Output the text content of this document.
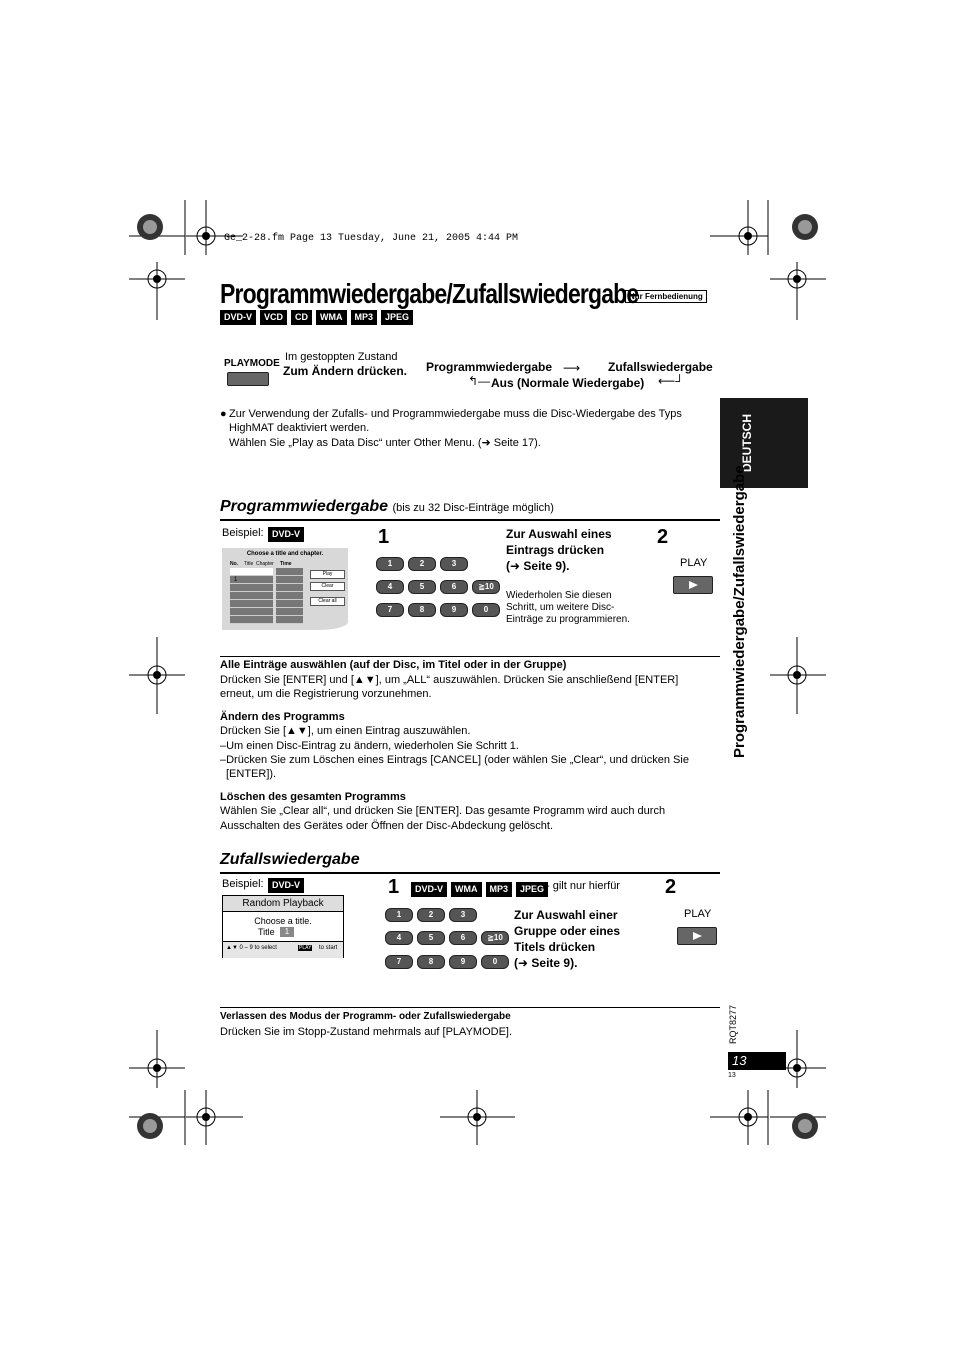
Ge_2-28.fm Page 13 Tuesday, June 21, 2005 4:44 PM
Programmwiedergabe/Zufallswiedergabe
Nur Fernbedienung
DVD-V VCD CD WMA MP3 JPEG
PLAYMODE
Im gestoppten Zustand
Zum Ändern drücken. Programmwiedergabe ⟶ Zufallswiedergabe
↰— Aus (Normale Wiedergabe) ⟵┘
● Zur Verwendung der Zufalls- und Programmwiedergabe muss die Disc-Wiedergabe des Typs
HighMAT deaktiviert werden.
Wählen Sie „Play as Data Disc“ unter Other Menu. (➜ Seite 17).	DEUTSCH
Programmwiedergabe/Zufallswiedergabe
Programmwiedergabe (bis zu 32 Disc-Einträge möglich)
Beispiel: DVD-V
Choose a title and chapter.
No. Title Chapter Time
1
Play
Clear
Clear all
1	2
1	2	3
4	5	6	≧10
7	8	9	0
Zur Auswahl eines
Eintrags drücken
(➜ Seite 9).
Wiederholen Sie diesen
Schritt, um weitere Disc-
Einträge zu programmieren.
PLAY
Alle Einträge auswählen (auf der Disc, im Titel oder in der Gruppe)
Drücken Sie [ENTER] und [▲▼], um „ALL“ auszuwählen. Drücken Sie anschließend [ENTER]
erneut, um die Registrierung vorzunehmen.
Ändern des Programms
Drücken Sie [▲▼], um einen Eintrag auszuwählen.
–Um einen Disc-Eintrag zu ändern, wiederholen Sie Schritt 1.
–Drücken Sie zum Löschen eines Eintrags [CANCEL] (oder wählen Sie „Clear“, und drücken Sie
[ENTER]).
Löschen des gesamten Programms
Wählen Sie „Clear all“, und drücken Sie [ENTER]. Das gesamte Programm wird auch durch
Ausschalten des Gerätes oder Öffnen der Disc-Abdeckung gelöscht.
Zufallswiedergabe
Beispiel: DVD-V
Random Playback
Choose a title.
Title	1
▲▼ 0 – 9 to select	PLAY to start
1	2
DVD-V WMA MP3 JPEG - gilt nur hierfür
1	2	3
4	5	6	≧10
7	8	9	0
Zur Auswahl einer
Gruppe oder eines
Titels drücken
(➜ Seite 9).
PLAY
Verlassen des Modus der Programm- oder Zufallswiedergabe
Drücken Sie im Stopp-Zustand mehrmals auf [PLAYMODE].	RQT8277
13
13
